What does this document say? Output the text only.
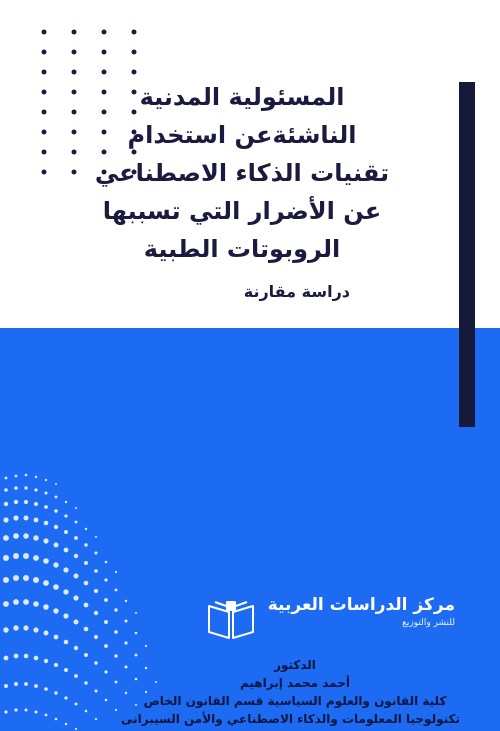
المسئولية المدنية
الناشئةعن استخدام
تقنيات الذكاء الاصطناعي
عن الأضرار التي تسببها
الروبوتات الطبية
دراسة مقارنة
الدكتور
أحمد محمد إبراهيم
كلية القانون والعلوم السياسية قسم القانون الخاص
تكنولوجيا المعلومات والذكاء الاصطناعي والأمن السيبرانى
مركز الدراسات العربية
للنشر والتوزيع
